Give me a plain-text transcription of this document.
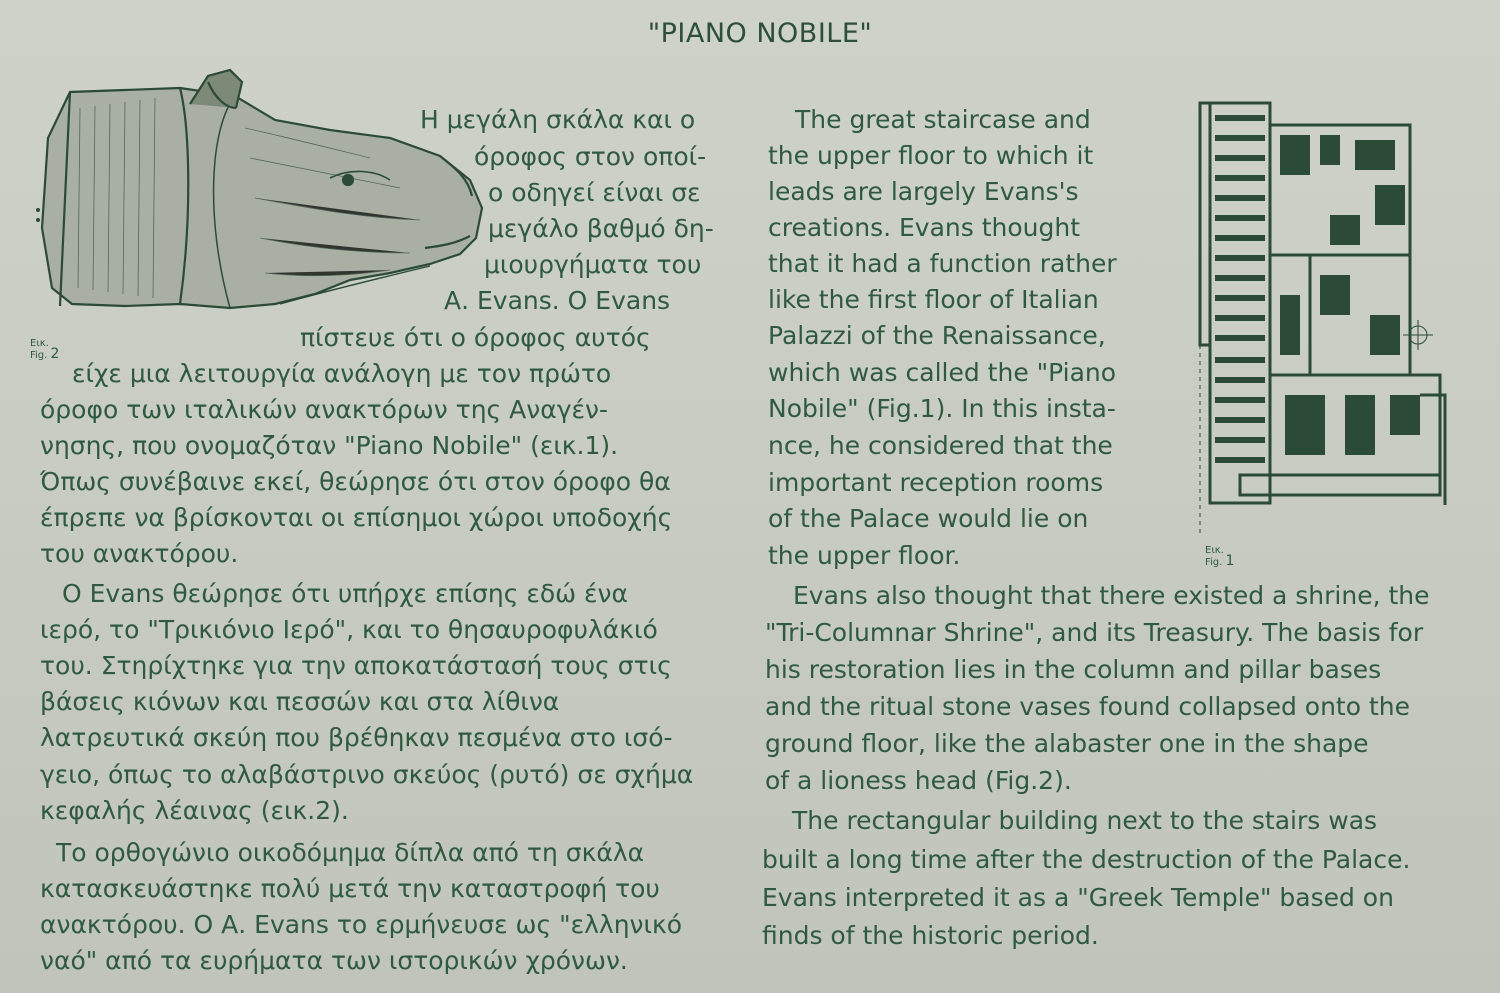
"PIANO NOBILE"
Εικ.
Fig. 2
Εικ.
Fig. 1
Η μεγάλη σκάλα και ο
όροφος στον οποί-
ο οδηγεί είναι σε
μεγάλο βαθμό δη-
μιουργήματα του
Α. Evans. Ο Evans
πίστευε ότι ο όροφος αυτός
είχε μια λειτουργία ανάλογη με τον πρώτο
όροφο των ιταλικών ανακτόρων της Αναγέν-
νησης, που ονομαζόταν "Piano Nobile" (εικ.1).
Όπως συνέβαινε εκεί, θεώρησε ότι στον όροφο θα
έπρεπε να βρίσκονται οι επίσημοι χώροι υποδοχής
του ανακτόρου.
Ο Evans θεώρησε ότι υπήρχε επίσης εδώ ένα
ιερό, το "Τρικιόνιο Ιερό", και το θησαυροφυλάκιό
του. Στηρίχτηκε για την αποκατάστασή τους στις
βάσεις κιόνων και πεσσών και στα λίθινα
λατρευτικά σκεύη που βρέθηκαν πεσμένα στο ισό-
γειο, όπως το αλαβάστρινο σκεύος (ρυτό) σε σχήμα
κεφαλής λέαινας (εικ.2).
Το ορθογώνιο οικοδόμημα δίπλα από τη σκάλα
κατασκευάστηκε πολύ μετά την καταστροφή του
ανακτόρου. Ο Α. Evans το ερμήνευσε ως "ελληνικό
ναό" από τα ευρήματα των ιστορικών χρόνων.
The great staircase and
the upper floor to which it
leads are largely Evans's
creations. Evans thought
that it had a function rather
like the first floor of Italian
Palazzi of the Renaissance,
which was called the "Piano
Nobile" (Fig.1). In this insta-
nce, he considered that the
important reception rooms
of the Palace would lie on
the upper floor.
Evans also thought that there existed a shrine, the
"Tri-Columnar Shrine", and its Treasury. The basis for
his restoration lies in the column and pillar bases
and the ritual stone vases found collapsed onto the
ground floor, like the alabaster one in the shape
of a lioness head (Fig.2).
The rectangular building next to the stairs was
built a long time after the destruction of the Palace.
Evans interpreted it as a "Greek Temple" based on
finds of the historic period.
